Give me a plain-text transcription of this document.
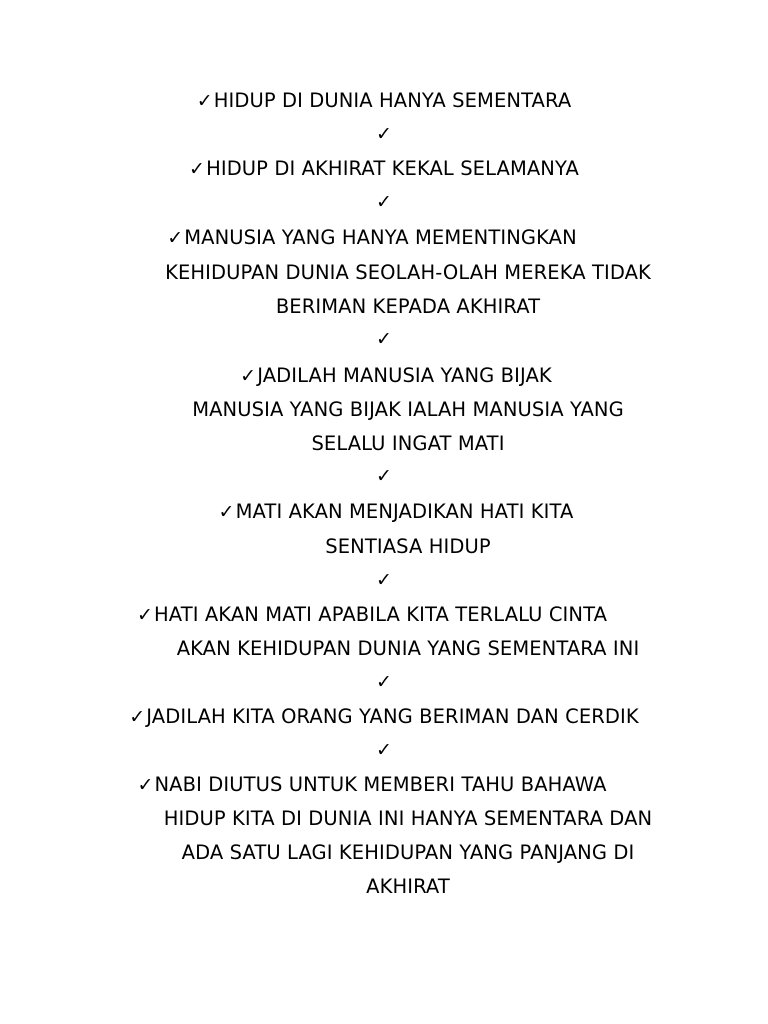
✓HIDUP DI DUNIA HANYA SEMENTARA
✓
✓HIDUP DI AKHIRAT KEKAL SELAMANYA
✓
✓MANUSIA YANG HANYA MEMENTINGKAN
KEHIDUPAN DUNIA SEOLAH-OLAH MEREKA TIDAK
BERIMAN KEPADA AKHIRAT
✓
✓JADILAH MANUSIA YANG BIJAK
MANUSIA YANG BIJAK IALAH MANUSIA YANG
SELALU INGAT MATI
✓
✓MATI AKAN MENJADIKAN HATI KITA
SENTIASA HIDUP
✓
✓HATI AKAN MATI APABILA KITA TERLALU CINTA
AKAN KEHIDUPAN DUNIA YANG SEMENTARA INI
✓
✓JADILAH KITA ORANG YANG BERIMAN DAN CERDIK
✓
✓NABI DIUTUS UNTUK MEMBERI TAHU BAHAWA
HIDUP KITA DI DUNIA INI HANYA SEMENTARA DAN
ADA SATU LAGI KEHIDUPAN YANG PANJANG DI
AKHIRAT
